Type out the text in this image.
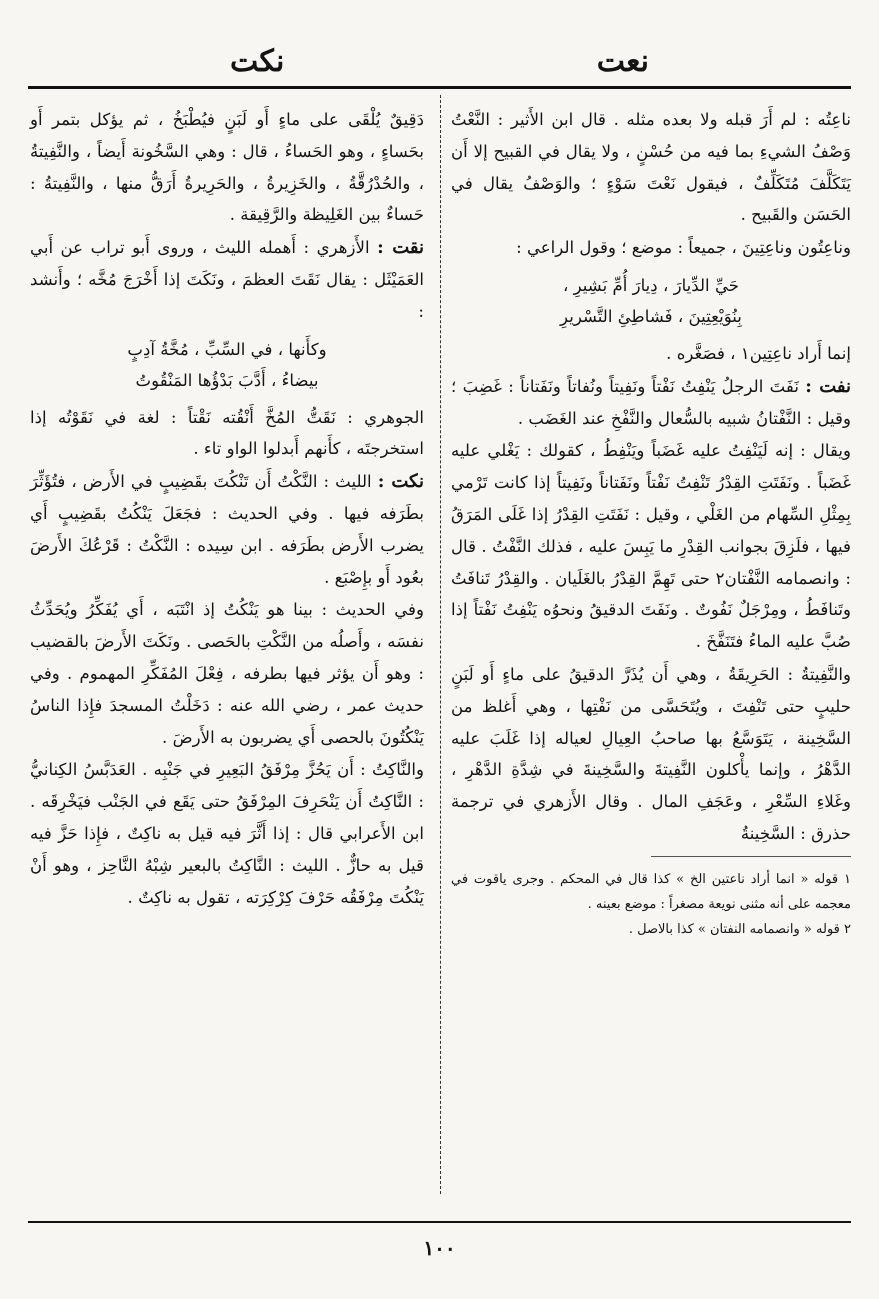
نعت
نكت

ناعِتُه : لم أَرَ قبله ولا بعده مثله . قال ابن الأَثير : النَّعْتُ وَصْفُ الشيءِ بما فيه من حُسْنٍ ، ولا يقال في القبيح إلا أَن يَتَكَلَّفَ مُتَكَلِّفٌ ، فيقول نَعْتَ سَوْءٍ ؛ والوَصْفُ يقال في الحَسَن والقَبيح .

وناعِتُون وناعِتِينَ ، جميعاً : موضع ؛ وقول الراعي :

حَيِّ الدِّيارَ ، دِيارَ أُمِّ بَشِيرِ ،
بِنُوَيْعِتِينَ ، فَشاطِئِ التَّسْريرِ

إنما أَراد ناعِتِين١ ، فصَغَّره .

نفت : نَفَتَ الرجلُ يَنْفِتُ نَفْتاً ونَفِيتاً ونُفاتاً ونَفَتاناً : غَضِبَ ؛ وقيل : النَّفْتانُ شبيه بالسُّعال والنَّفْخِ عند الغَضَب .

ويقال : إنه لَيَنْفِتُ عليه غَضَباً ويَنْفِطُ ، كقولك : يَغْلي عليه غَضَباً . ونَفَتَتِ القِدْرُ تَنْفِتُ نَفْتاً ونَفَتاناً ونَفِيتاً إذا كانت تَرْمي بِمِثْلِ السِّهام من الغَلْي ، وقيل : نَفَتَتِ القِدْرُ إذا غَلَى المَرَقُ فيها ، فلَزِقَ بجوانب القِدْرِ ما يَبِسَ عليه ، فذلك النَّفْتُ . قال : وانصمامه النَّفْتان٢ حتى تَهِمَّ القِدْرُ بالغَلَيان . والقِدْرُ تَنافَتُ وتَنافَطُ ، ومِرْجَلٌ نَفُوتٌ . ونَفَتَ الدقيقُ ونحوُه يَنْفِتُ نَفْتاً إذا صُبَّ عليه الماءُ فتَنَفَّخَ .

والنَّفِيتةُ : الحَرِيقَةُ ، وهي أَن يُذَرَّ الدقيقُ على ماءٍ أَو لَبَنٍ حليبٍ حتى تَنْفِتَ ، ويُتَحَسَّى من نَفْتِها ، وهي أَغلظ من السَّخِينة ، يَتَوَسَّعُ بها صاحبُ العِيالِ لعياله إذا غَلَبَ عليه الدَّهْرُ ، وإنما يأْكلون النَّفِيتةَ والسَّخِينةَ في شِدَّةِ الدَّهْرِ ، وغَلاءِ السِّعْرِ ، وعَجَفِ المال . وقال الأَزهري في ترجمة حذرق : السَّخِينةُ

١ قوله « انما أراد ناعتين الخ » كذا قال في المحكم . وجرى ياقوت في معجمه على أنه مثنى نويعة مصغراً : موضع بعينه .
٢ قوله « وانصمامه النفتان » كذا بالاصل .

دَقِيقٌ يُلْقَى على ماءٍ أَو لَبَنٍ فيُطْبَخُ ، ثم يؤكل بتمر أَو بحَساءٍ ، وهو الحَساءُ ، قال : وهي السَّخُونة أَيضاً ، والنَّفِيتةُ ، والحُدْرُقَّةُ ، والخَزِيرةُ ، والحَرِيرةُ أَرَقُّ منها ، والنَّفِيتةُ : حَساءٌ بين الغَلِيظة والرَّقِيقة .

نقت : الأَزهري : أَهمله الليث ، وروى أَبو تراب عن أَبي العَمَيْثَل : يقال نَقَتَ العظمَ ، ونَكَتَ إذا أَخْرَجَ مُخَّه ؛ وأَنشد :

وكأَنها ، في السِّبِّ ، مُخَّةُ آدِبٍ
بيضاءُ ، أَدَّبَ بَدْؤُها المَنْقُوتُ

الجوهري : نَقَتُّ المُخَّ أَنْقُته نَقْتاً : لغة في نَقَوْتُه إذا استخرجتَه ، كأَنهم أَبدلوا الواو تاء .

نكت : الليث : النَّكْتُ أَن تَنْكُتَ بقَضِيبٍ في الأَرض ، فتُؤَثِّرَ بطَرَفه فيها . وفي الحديث : فجَعَلَ يَنْكُتُ بقَضِيبٍ أَي يضرب الأَرض بطَرَفه . ابن سِيده : النَّكْتُ : قَرْعُكَ الأَرضَ بعُود أَو بإِصْبَع .

وفي الحديث : بينا هو يَنْكُتُ إذ انْتَبَه ، أَي يُفَكِّرُ ويُحَدِّثُ نفسَه ، وأَصلُه من النَّكْتِ بالحَصى . ونَكَتَ الأَرضَ بالقضيب : وهو أَن يؤثر فيها بطرفه ، فِعْلَ المُفَكِّرِ المهموم . وفي حديث عمر ، رضي الله عنه : دَخَلْتُ المسجدَ فإِذا الناسُ يَنْكُتُونَ بالحصى أَي يضربون به الأَرضَ .

والنَّاكِتُ : أَن يَحُزَّ مِرْفَقُ البَعِيرِ في جَنْبِه . العَدَبَّسُ الكِنانيُّ : النَّاكِتُ أَن يَنْحَرِفَ المِرْفَقُ حتى يَقَع في الجَنْب فيَخْرِقَه . ابن الأَعرابي قال : إذا أَثَّرَ فيه قيل به ناكِتٌ ، فإِذا حَزَّ فيه قيل به حازٌّ . الليث : النَّاكِتُ بالبعير شِبْهُ النَّاحِز ، وهو أَنْ يَنْكُتَ مِرْفَقُه حَرْفَ كِرْكِرَته ، تقول به ناكِتٌ .

١٠٠
